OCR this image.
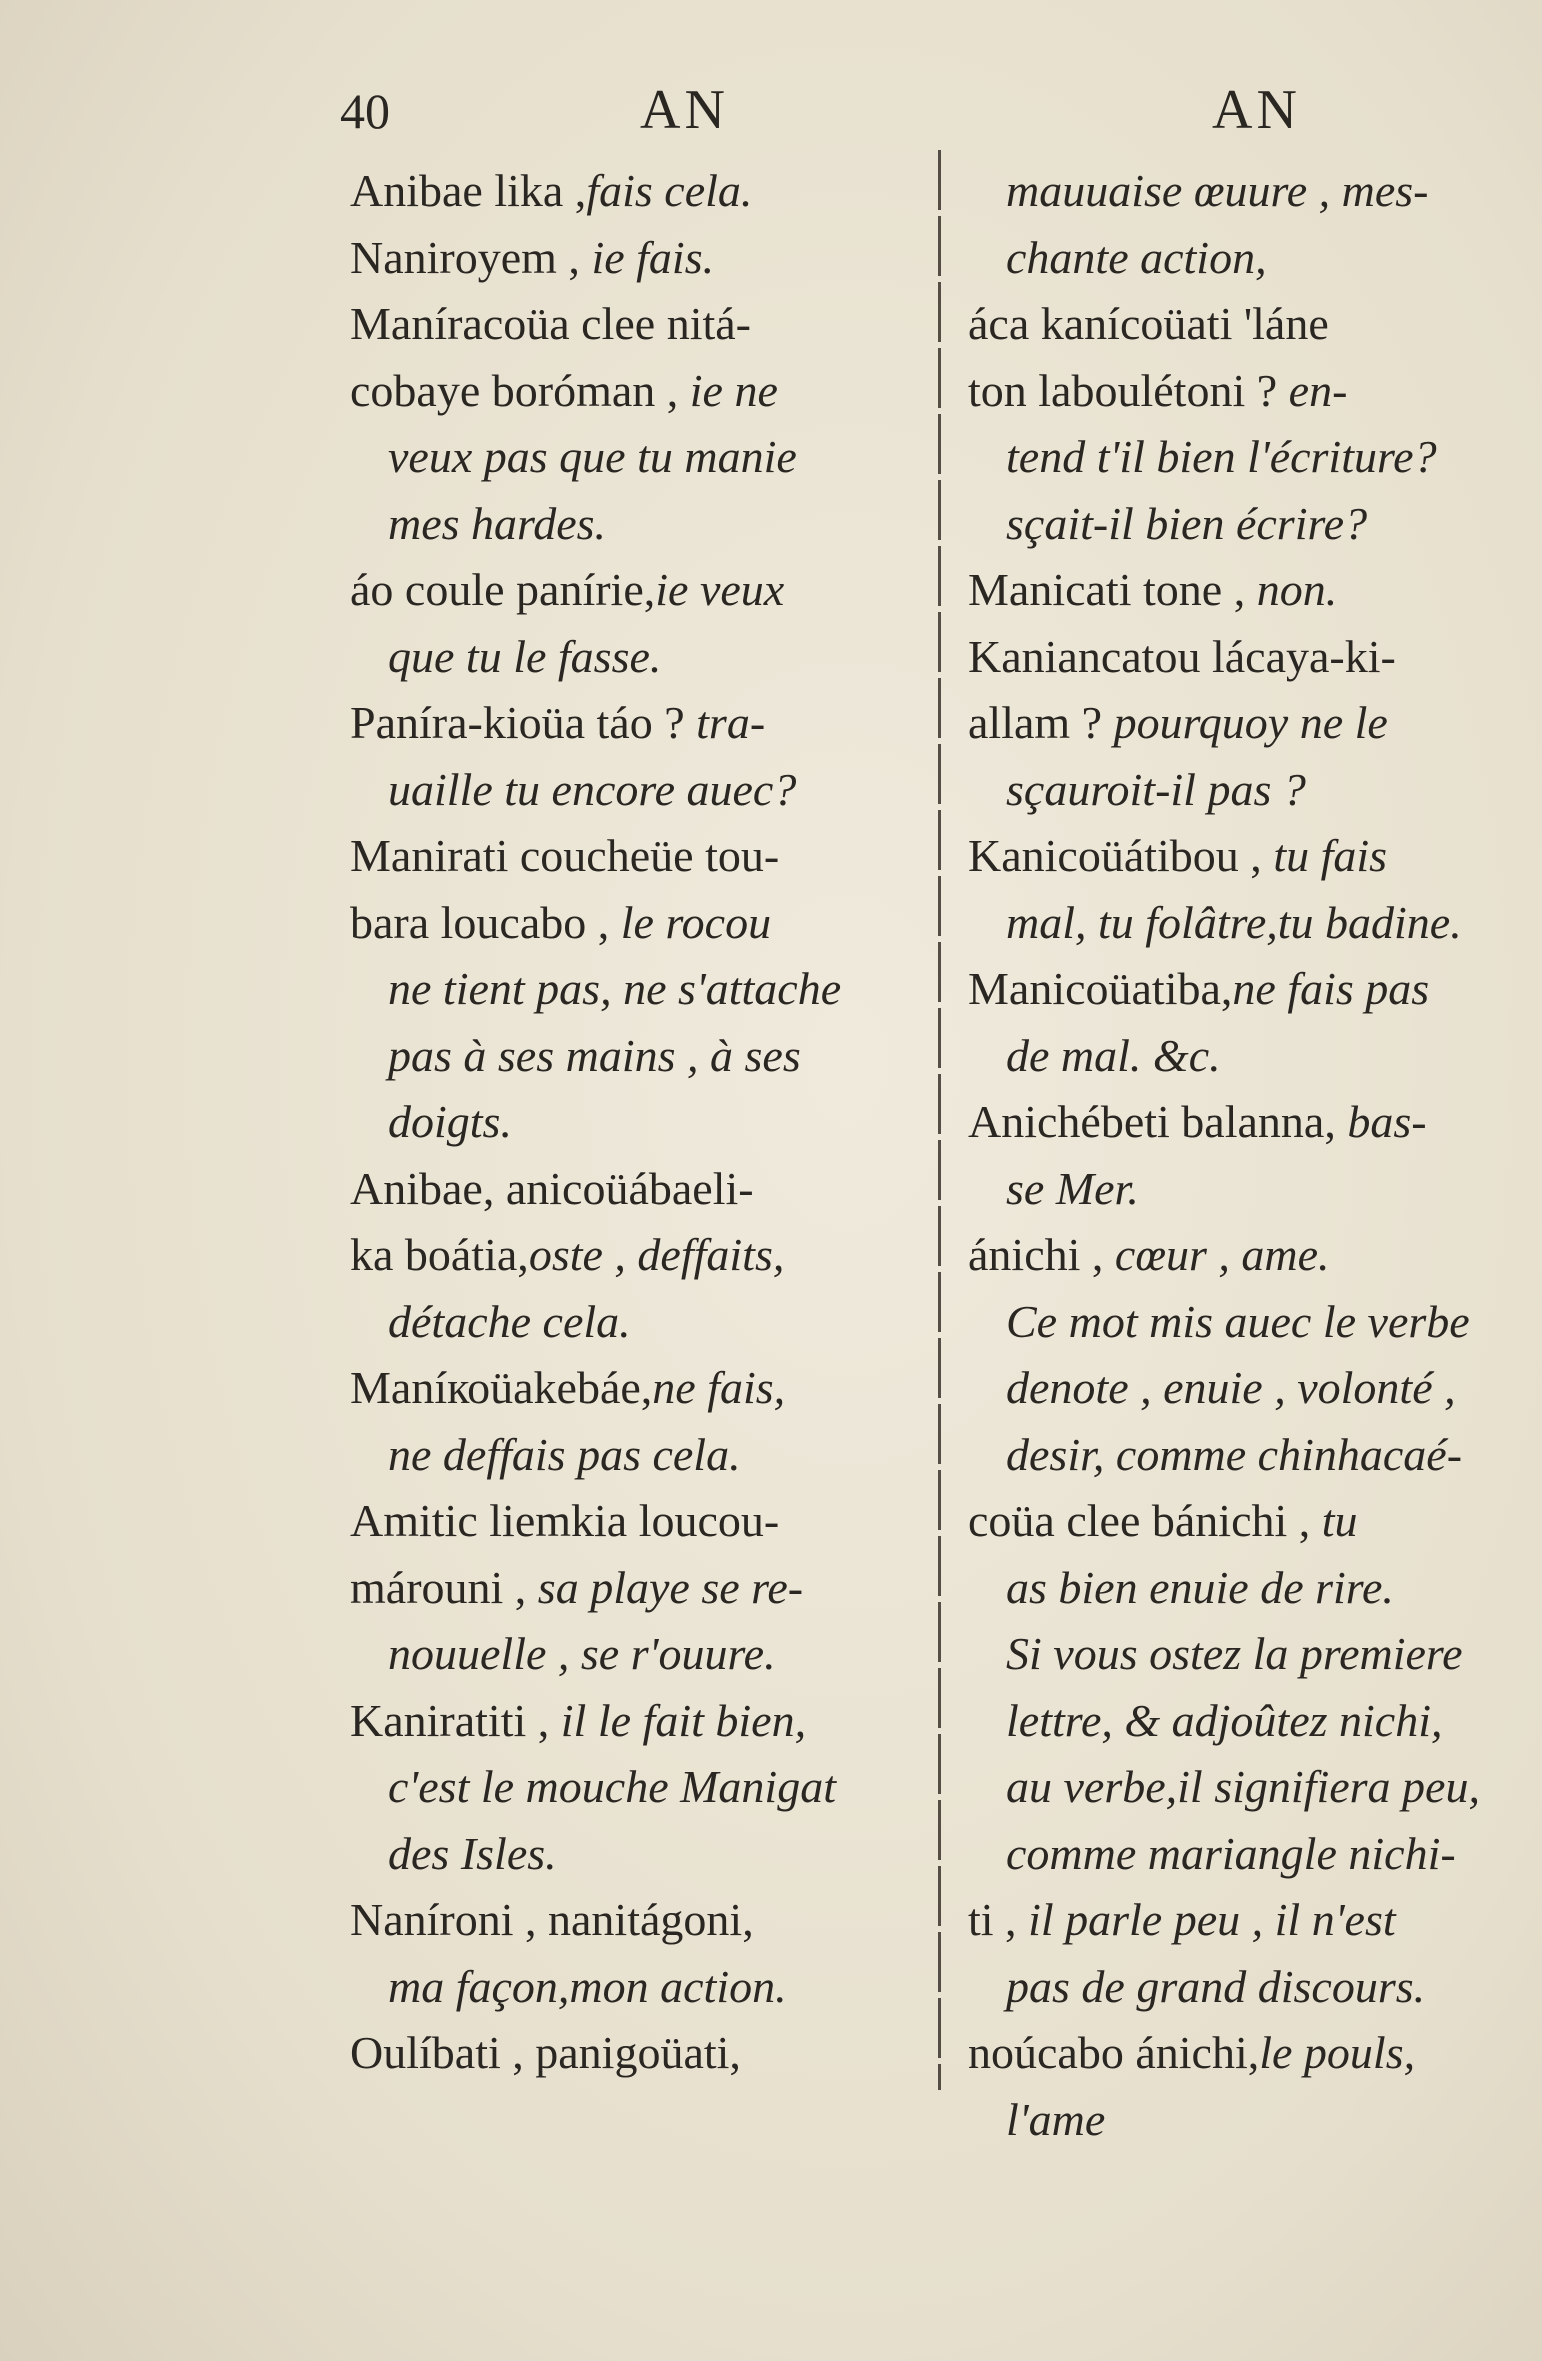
40	AN	AN
Anibae lika ,fais cela.
Naniroyem , ie fais.
Maníracoüa clee nitá-
cobaye boróman , ie ne
veux pas que tu manie
mes hardes.
áo coule panírie,ie veux
que tu le fasse.
Paníra-kioüa táo ? tra-
uaille tu encore auec?
Manirati coucheüe tou-
bara loucabo , le rocou
ne tient pas, ne s'attache
pas à ses mains , à ses
doigts.
Anibae, anicoüábaeli-
ka boátia,oste , deffaits,
détache cela.
Maníкоüakebáe,ne fais,
ne deffais pas cela.
Amitic liemkia loucou-
márouni , sa playe se re-
nouuelle , se r'ouure.
Kaniratiti , il le fait bien,
c'est le mouche Manigat
des Isles.
Naníroni , nanitágoni,
ma façon,mon action.
Oulíbati , panigoüati,
mauuaise œuure , mes-
chante action,
áca kanícoüati 'láne
ton laboulétoni ? en-
tend t'il bien l'écriture?
sçait-il bien écrire?
Manicati tone , non.
Kaniancatou lácaya-ki-
allam ? pourquoy ne le
sçauroit-il pas ?
Kanicoüátibou , tu fais
mal, tu folâtre,tu badine.
Manicoüatiba,ne fais pas
de mal. &c.
Anichébeti balanna, bas-
se Mer.
ánichi , cœur , ame.
Ce mot mis auec le verbe
denote , enuie , volonté ,
desir, comme chinhacaé-
coüa clee bánichi , tu
as bien enuie de rire.
Si vous ostez la premiere
lettre, & adjoûtez nichi,
au verbe,il signifiera peu,
comme mariangle nichi-
ti , il parle peu , il n'est
pas de grand discours.
noúcabo ánichi,le pouls,
l'ame
